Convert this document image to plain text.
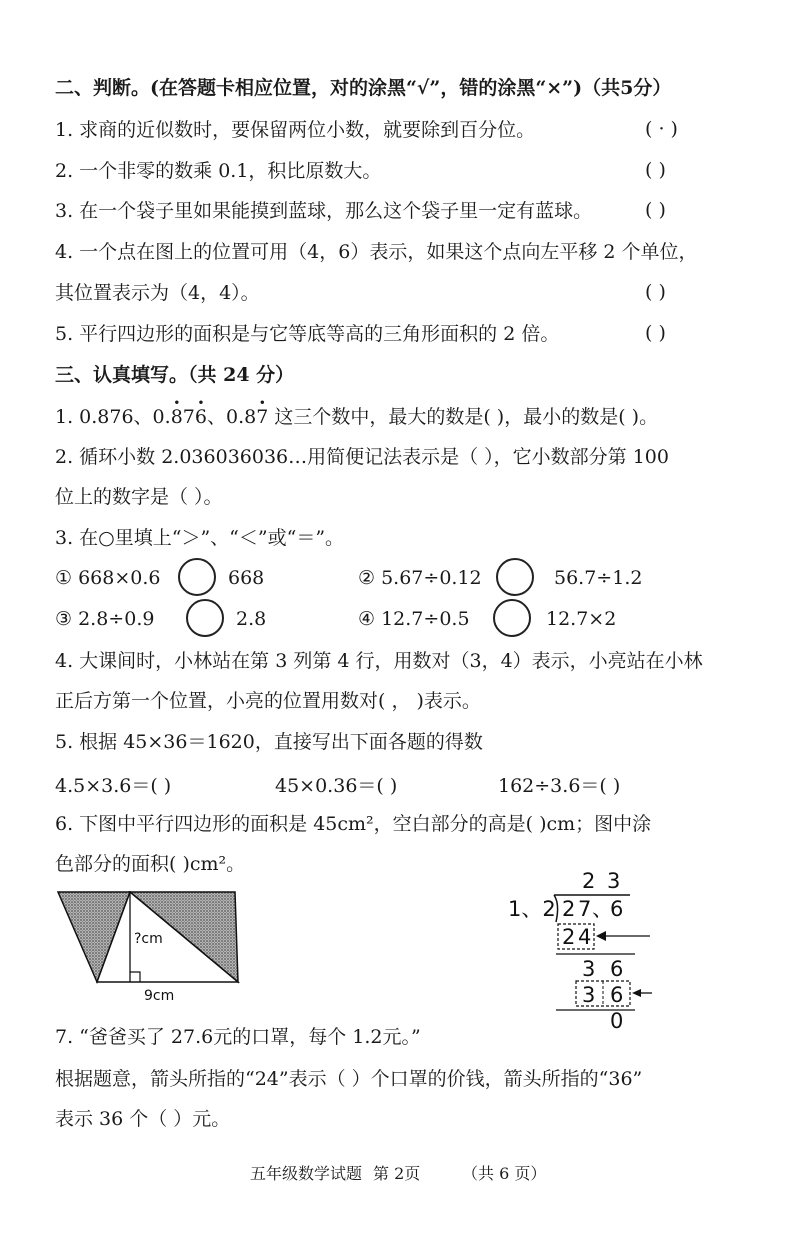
二、判断。(在答题卡相应位置，对的涂黑“√”，错的涂黑“×”)（共5分）
1. 求商的近似数时，要保留两位小数，就要除到百分位。	( · )
2. 一个非零的数乘 0.1，积比原数大。	( )
3. 在一个袋子里如果能摸到蓝球，那么这个袋子里一定有蓝球。	( )
4. 一个点在图上的位置可用（4，6）表示，如果这个点向左平移 2 个单位，
其位置表示为（4，4）。	( )
5. 平行四边形的面积是与它等底等高的三角形面积的 2 倍。	( )
三、认真填写。（共 24 分）
1. 0.876、0.· 87· 6、0.8· 7 这三个数中，最大的数是( )，最小的数是( )。
2. 循环小数 2.036036036…用简便记法表示是（ ），它小数部分第 100
位上的数字是（ ）。
3. 在○里填上“＞”、“＜”或“＝”。
① 668×0.6	668	② 5.67÷0.12	56.7÷1.2
③ 2.8÷0.9	2.8	④ 12.7÷0.5	12.7×2
4. 大课间时，小林站在第 3 列第 4 行，用数对（3，4）表示，小亮站在小林
正后方第一个位置，小亮的位置用数对( ， )表示。
5. 根据 45×36＝1620，直接写出下面各题的得数
4.5×3.6＝( )	45×0.36＝( )	162÷3.6＝( )
6. 下图中平行四边形的面积是 45cm²，空白部分的高是( )cm；图中涂
色部分的面积( )cm²。
?cm
9cm
2 3
1、2 2 7 、
6
2 4
3 6
3 6
0
7. “爸爸买了 27.6元的口罩，每个 1.2元。”
根据题意，箭头所指的“24”表示（ ）个口罩的价钱，箭头所指的“36”
表示 36 个（ ）元。
五年级数学试题 第 2页	（共 6 页）
